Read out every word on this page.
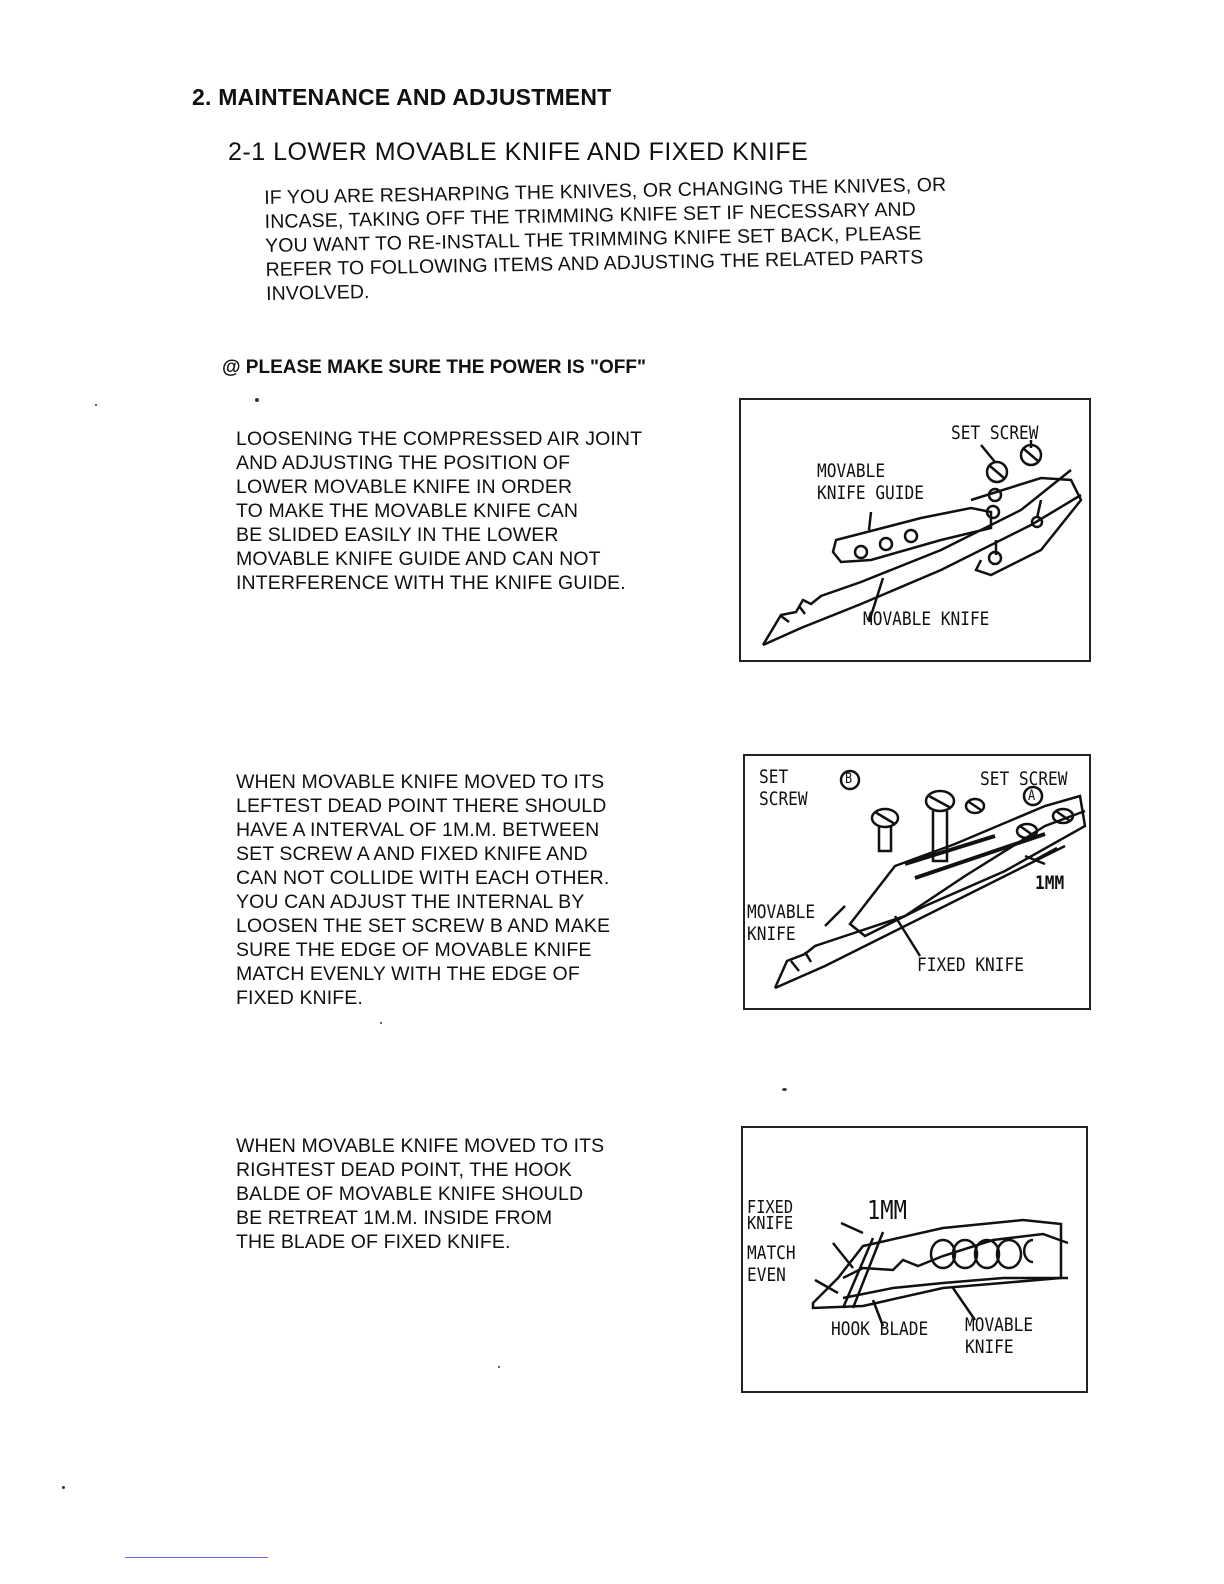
2. MAINTENANCE AND ADJUSTMENT
2-1 LOWER MOVABLE KNIFE AND FIXED KNIFE

IF YOU ARE RESHARPING THE KNIVES, OR CHANGING THE KNIVES, OR
INCASE, TAKING OFF THE TRIMMING KNIFE SET IF NECESSARY AND
YOU WANT TO RE-INSTALL THE TRIMMING KNIFE SET BACK, PLEASE
REFER TO FOLLOWING ITEMS AND ADJUSTING THE RELATED PARTS
INVOLVED.

@ PLEASE MAKE SURE THE POWER IS "OFF"

LOOSENING THE COMPRESSED AIR JOINT
AND ADJUSTING THE POSITION OF
LOWER MOVABLE KNIFE IN ORDER
TO MAKE THE MOVABLE KNIFE CAN
BE SLIDED EASILY IN THE LOWER
MOVABLE KNIFE GUIDE AND CAN NOT
INTERFERENCE WITH THE KNIFE GUIDE.

SET SCREW
MOVABLE
KNIFE GUIDE
MOVABLE KNIFE

WHEN MOVABLE KNIFE MOVED TO ITS
LEFTEST DEAD POINT THERE SHOULD
HAVE A INTERVAL OF 1M.M. BETWEEN
SET SCREW A AND FIXED KNIFE AND
CAN NOT COLLIDE WITH EACH OTHER.
YOU CAN ADJUST THE INTERNAL BY
LOOSEN THE SET SCREW B AND MAKE
SURE THE EDGE OF MOVABLE KNIFE
MATCH EVENLY WITH THE EDGE OF
FIXED KNIFE.

SET
SCREW
B	SET SCREW
A
1MM
MOVABLE
KNIFE
FIXED KNIFE

WHEN MOVABLE KNIFE MOVED TO ITS
RIGHTEST DEAD POINT, THE HOOK
BALDE OF MOVABLE KNIFE SHOULD
BE RETREAT 1M.M. INSIDE FROM
THE BLADE OF FIXED KNIFE.

FIXED
KNIFE	1MM
MATCH
EVEN
HOOK BLADE MOVABLE
KNIFE
